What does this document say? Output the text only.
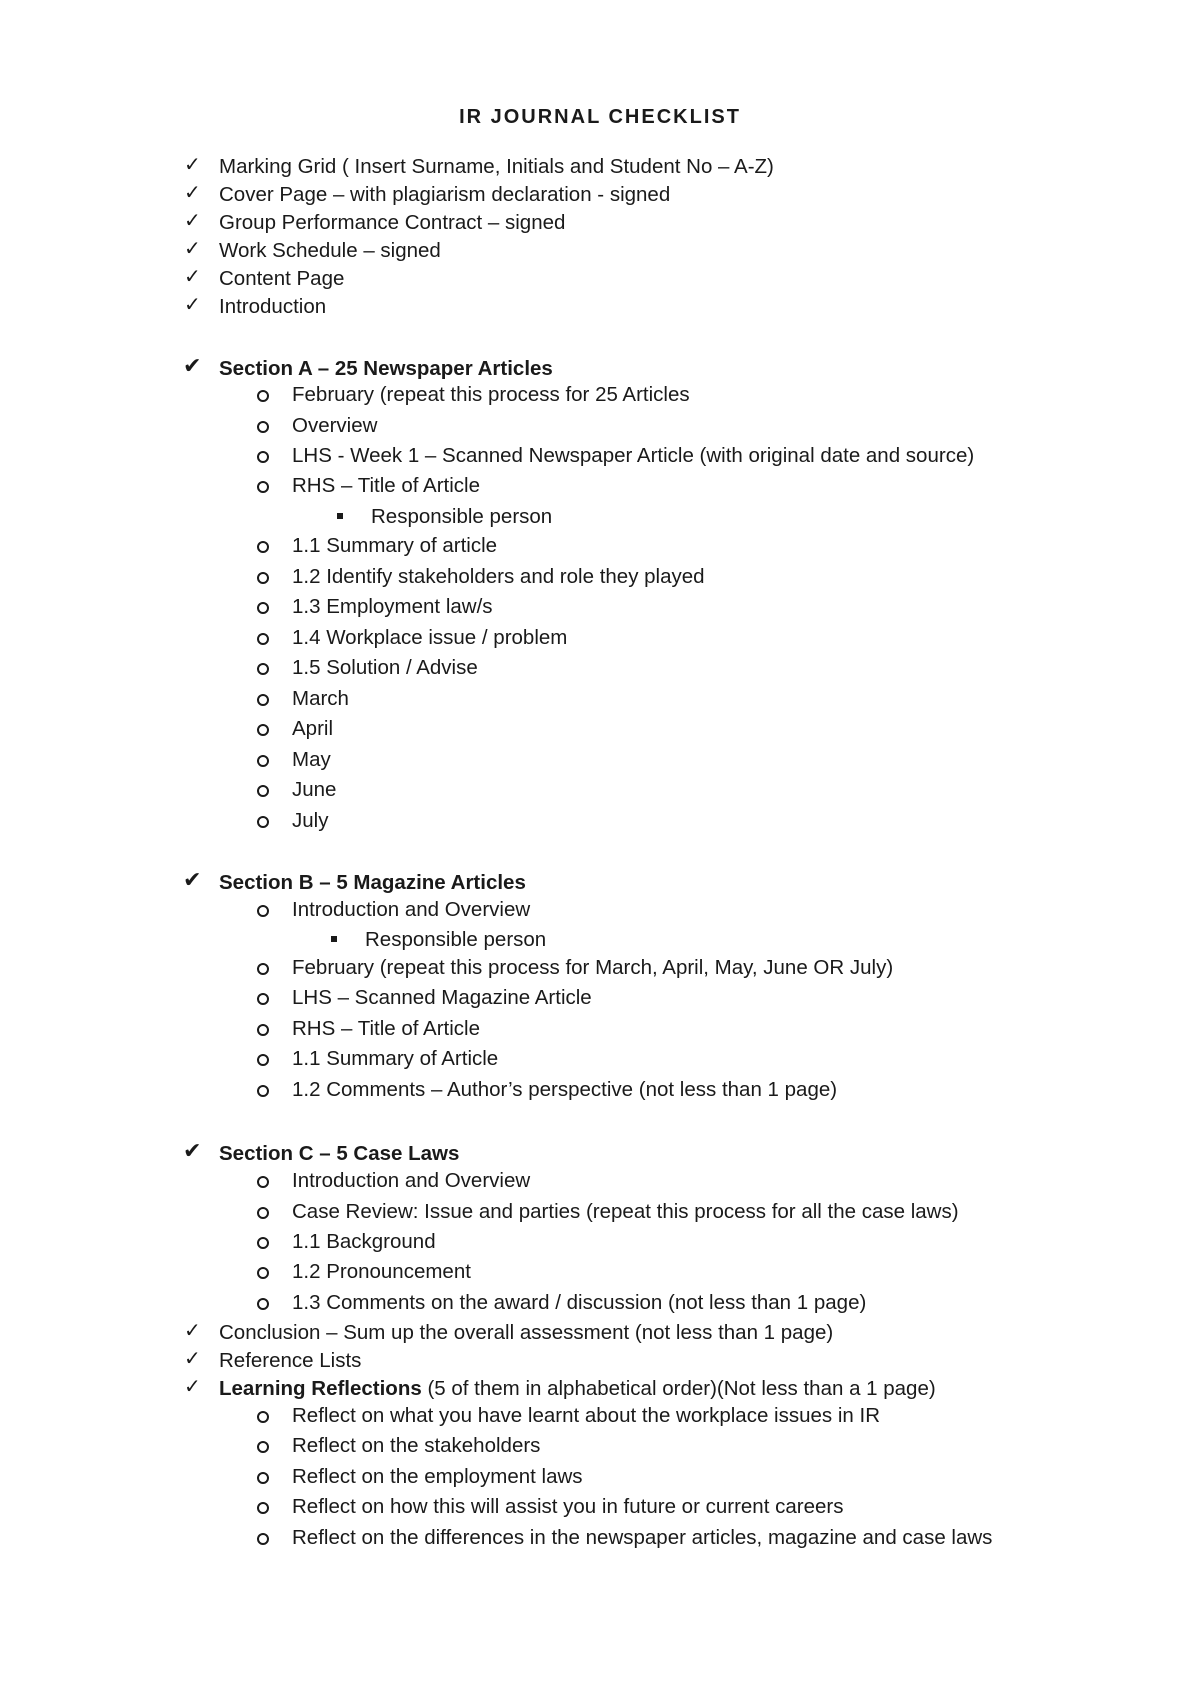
IR JOURNAL CHECKLIST
✓ Marking Grid ( Insert Surname, Initials and Student No – A-Z)
✓ Cover Page – with plagiarism declaration - signed
✓ Group Performance Contract – signed
✓ Work Schedule – signed
✓ Content Page
✓ Introduction
✔ Section A – 25 Newspaper Articles
February (repeat this process for 25 Articles
Overview
LHS - Week 1 – Scanned Newspaper Article (with original date and source)
RHS – Title of Article
Responsible person
1.1 Summary of article
1.2 Identify stakeholders and role they played
1.3 Employment law/s
1.4 Workplace issue / problem
1.5 Solution / Advise
March
April
May
June
July
✔ Section B – 5 Magazine Articles
Introduction and Overview
Responsible person
February (repeat this process for March, April, May, June OR July)
LHS – Scanned Magazine Article
RHS – Title of Article
1.1 Summary of Article
1.2 Comments – Author’s perspective (not less than 1 page)
✔ Section C – 5 Case Laws
Introduction and Overview
Case Review: Issue and parties (repeat this process for all the case laws)
1.1 Background
1.2 Pronouncement
1.3 Comments on the award / discussion (not less than 1 page)
✓ Conclusion – Sum up the overall assessment (not less than 1 page)
✓ Reference Lists
✓ Learning Reflections (5 of them in alphabetical order)(Not less than a 1 page)
Reflect on what you have learnt about the workplace issues in IR
Reflect on the stakeholders
Reflect on the employment laws
Reflect on how this will assist you in future or current careers
Reflect on the differences in the newspaper articles, magazine and case laws
